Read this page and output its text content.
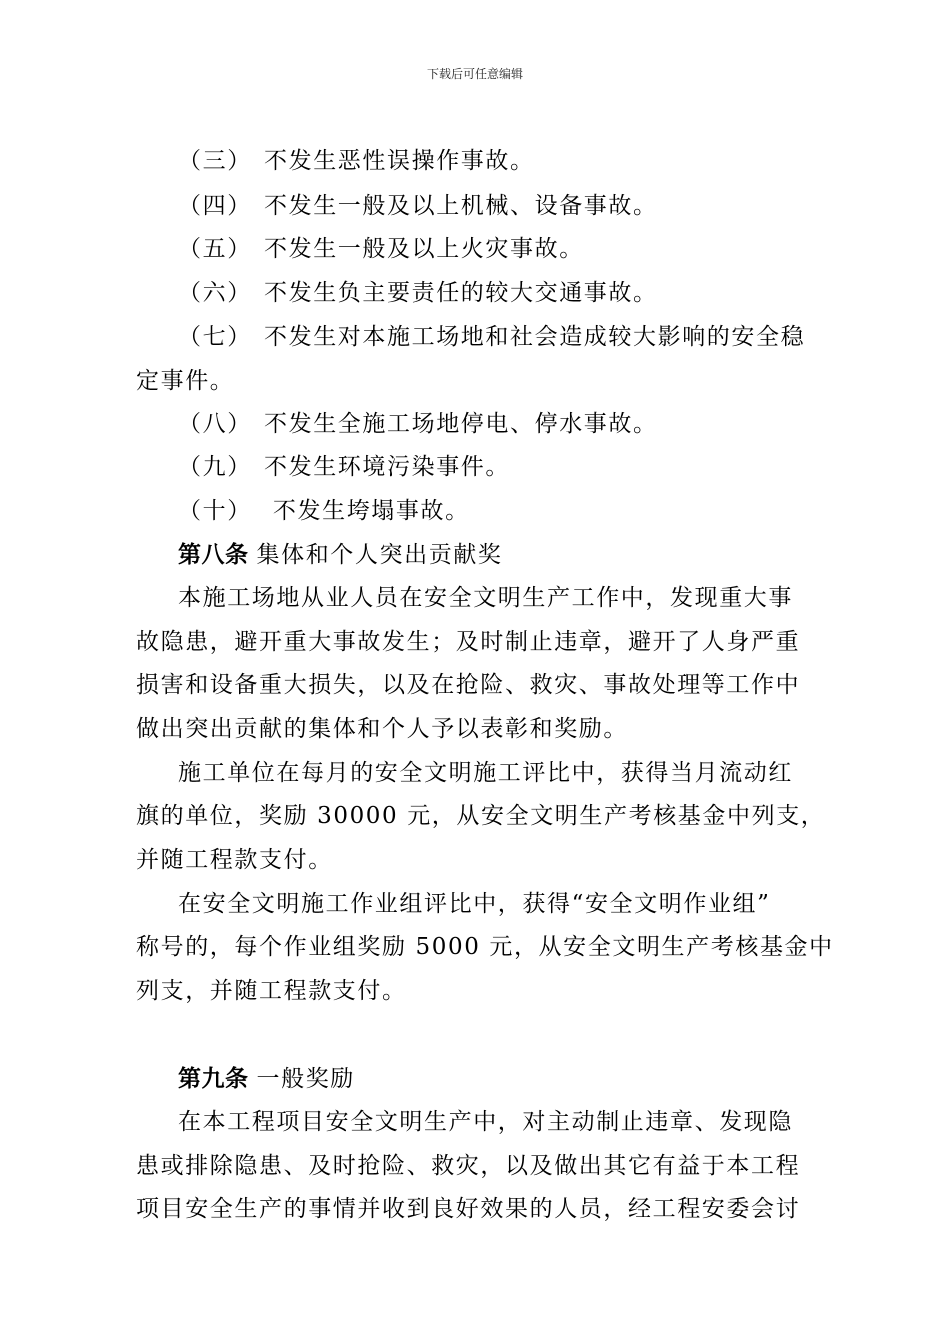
下载后可任意编辑
（三） 不发生恶性误操作事故。
（四） 不发生一般及以上机械、设备事故。
（五） 不发生一般及以上火灾事故。
（六） 不发生负主要责任的较大交通事故。
（七） 不发生对本施工场地和社会造成较大影响的安全稳
定事件。
（八） 不发生全施工场地停电、停水事故。
（九） 不发生环境污染事件。
（十） 不发生垮塌事故。
第八条 集体和个人突出贡献奖
本施工场地从业人员在安全文明生产工作中，发现重大事
故隐患，避开重大事故发生；及时制止违章，避开了人身严重
损害和设备重大损失，以及在抢险、救灾、事故处理等工作中
做出突出贡献的集体和个人予以表彰和奖励。
施工单位在每月的安全文明施工评比中，获得当月流动红
旗的单位，奖励 30000 元，从安全文明生产考核基金中列支，
并随工程款支付。
在安全文明施工作业组评比中，获得“安全文明作业组”
称号的，每个作业组奖励 5000 元，从安全文明生产考核基金中
列支，并随工程款支付。
第九条 一般奖励
在本工程项目安全文明生产中，对主动制止违章、发现隐
患或排除隐患、及时抢险、救灾，以及做出其它有益于本工程
项目安全生产的事情并收到良好效果的人员，经工程安委会讨
